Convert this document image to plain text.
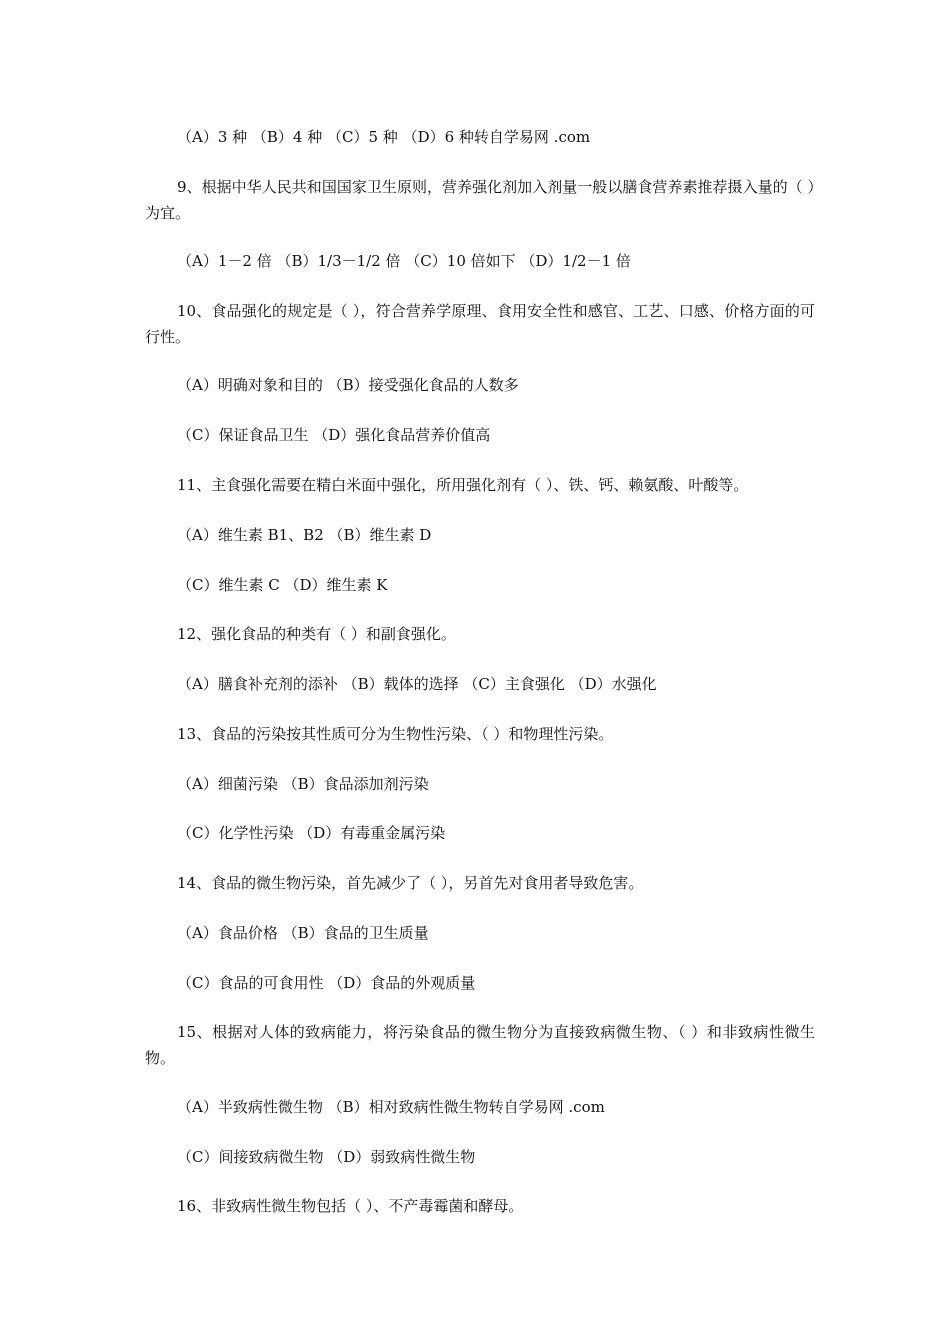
（A）3 种 （B）4 种 （C）5 种 （D）6 种转自学易网 .com
9、根据中华人民共和国国家卫生原则，营养强化剂加入剂量一般以膳食营养素推荐摄入量的（ ）为宜。
（A）1－2 倍 （B）1/3－1/2 倍 （C）10 倍如下 （D）1/2－1 倍
10、食品强化的规定是（ ），符合营养学原理、食用安全性和感官、工艺、口感、价格方面的可行性。
（A）明确对象和目的 （B）接受强化食品的人数多
（C）保证食品卫生 （D）强化食品营养价值高
11、主食强化需要在精白米面中强化，所用强化剂有（ ）、铁、钙、赖氨酸、叶酸等。
（A）维生素 B1、B2 （B）维生素 D
（C）维生素 C （D）维生素 K
12、强化食品的种类有（ ）和副食强化。
（A）膳食补充剂的添补 （B）载体的选择 （C）主食强化 （D）水强化
13、食品的污染按其性质可分为生物性污染、（ ）和物理性污染。
（A）细菌污染 （B）食品添加剂污染
（C）化学性污染 （D）有毒重金属污染
14、食品的微生物污染，首先减少了（ ），另首先对食用者导致危害。
（A）食品价格 （B）食品的卫生质量
（C）食品的可食用性 （D）食品的外观质量
15、根据对人体的致病能力，将污染食品的微生物分为直接致病微生物、（ ）和非致病性微生物。
（A）半致病性微生物 （B）相对致病性微生物转自学易网 .com
（C）间接致病微生物 （D）弱致病性微生物
16、非致病性微生物包括（ ）、不产毒霉菌和酵母。
